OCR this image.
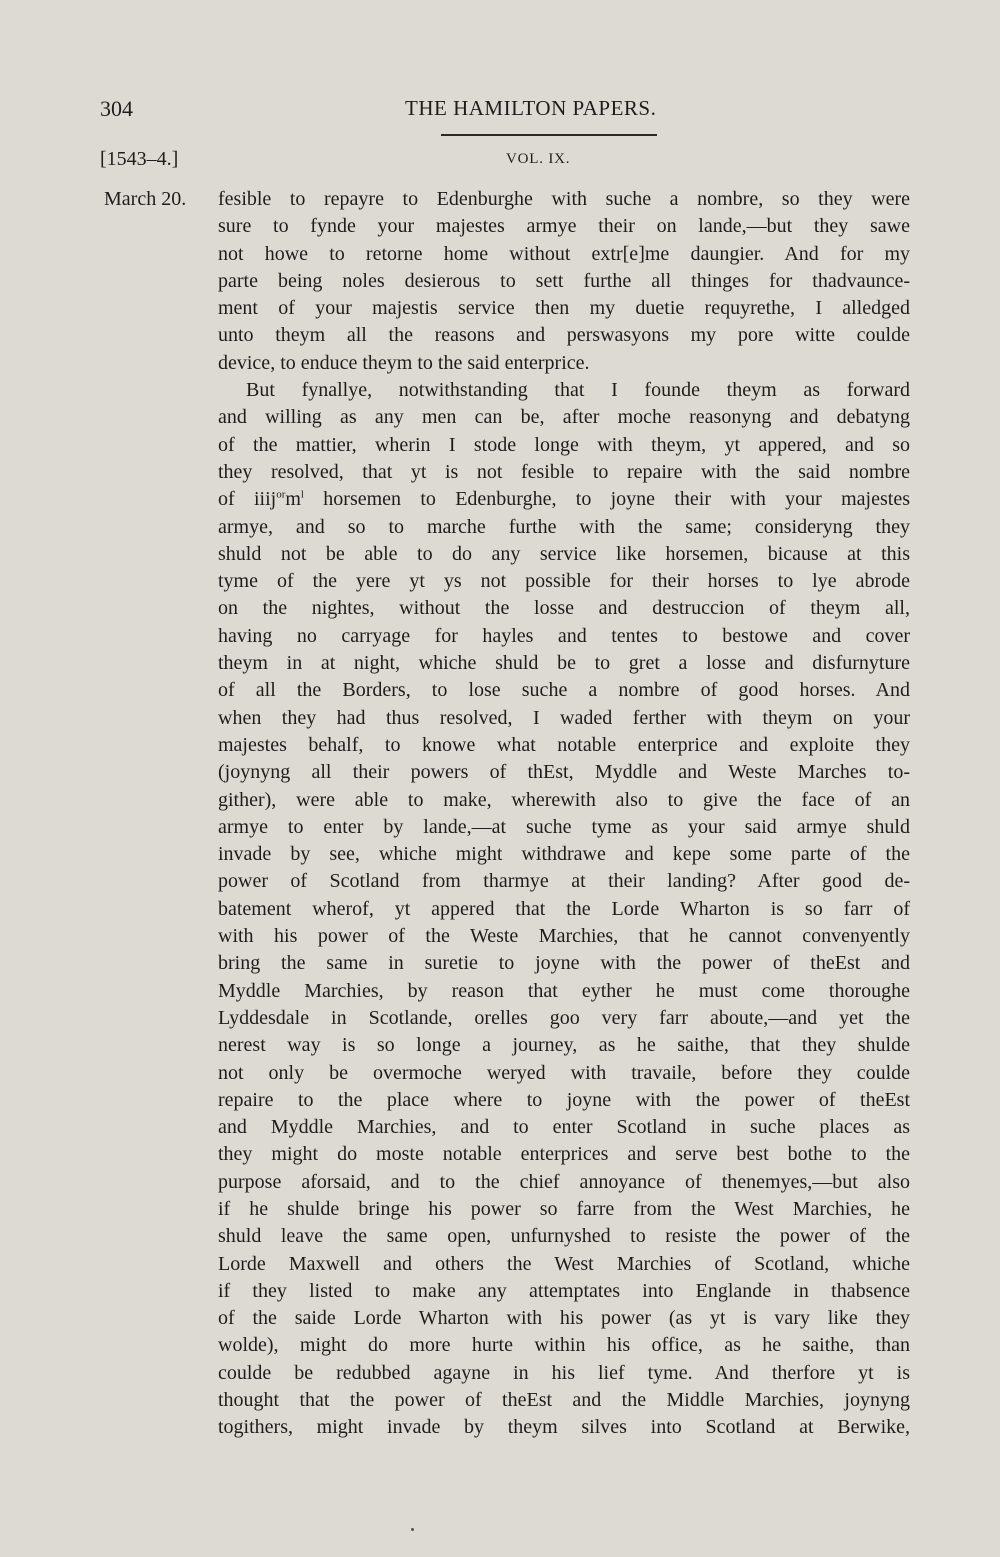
304	THE HAMILTON PAPERS.
[1543–4.]	VOL. IX.
March 20. fesible to repayre to Edenburghe with suche a nombre, so they were
sure to fynde your majestes armye their on lande,—but they sawe
not howe to retorne home without extr[e]me daungier. And for my
parte being noles desierous to sett furthe all thinges for thadvaunce-
ment of your majestis service then my duetie requyrethe, I alledged
unto theym all the reasons and perswasyons my pore witte coulde
device, to enduce theym to the said enterprice.
But fynallye, notwithstanding that I founde theym as forward
and willing as any men can be, after moche reasonyng and debatyng
of the mattier, wherin I stode longe with theym, yt appered, and so
they resolved, that yt is not fesible to repaire with the said nombre
of $iiij^{or}m^l$ horsemen to Edenburghe, to joyne their with your majestes
armye, and so to marche furthe with the same; consideryng they
shuld not be able to do any service like horsemen, bicause at this
tyme of the yere yt ys not possible for their horses to lye abrode
on the nightes, without the losse and destruccion of theym all,
having no carryage for hayles and tentes to bestowe and cover
theym in at night, whiche shuld be to gret a losse and disfurnyture
of all the Borders, to lose suche a nombre of good horses. And
when they had thus resolved, I waded ferther with theym on your
majestes behalf, to knowe what notable enterprice and exploite they
(joynyng all their powers of thEst, Myddle and Weste Marches to-
gither), were able to make, wherewith also to give the face of an
armye to enter by lande,—at suche tyme as your said armye shuld
invade by see, whiche might withdrawe and kepe some parte of the
power of Scotland from tharmye at their landing? After good de-
batement wherof, yt appered that the Lorde Wharton is so farr of
with his power of the Weste Marchies, that he cannot convenyently
bring the same in suretie to joyne with the power of theEst and
Myddle Marchies, by reason that eyther he must come thoroughe
Lyddesdale in Scotlande, orelles goo very farr aboute,—and yet the
nerest way is so longe a journey, as he saithe, that they shulde
not only be overmoche weryed with travaile, before they coulde
repaire to the place where to joyne with the power of theEst
and Myddle Marchies, and to enter Scotland in suche places as
they might do moste notable enterprices and serve best bothe to the
purpose aforsaid, and to the chief annoyance of thenemyes,—but also
if he shulde bringe his power so farre from the West Marchies, he
shuld leave the same open, unfurnyshed to resiste the power of the
Lorde Maxwell and others the West Marchies of Scotland, whiche
if they listed to make any attemptates into Englande in thabsence
of the saide Lorde Wharton with his power (as yt is vary like they
wolde), might do more hurte within his office, as he saithe, than
coulde be redubbed agayne in his lief tyme. And therfore yt is
thought that the power of theEst and the Middle Marchies, joynyng
togithers, might invade by theym silves into Scotland at Berwike,
